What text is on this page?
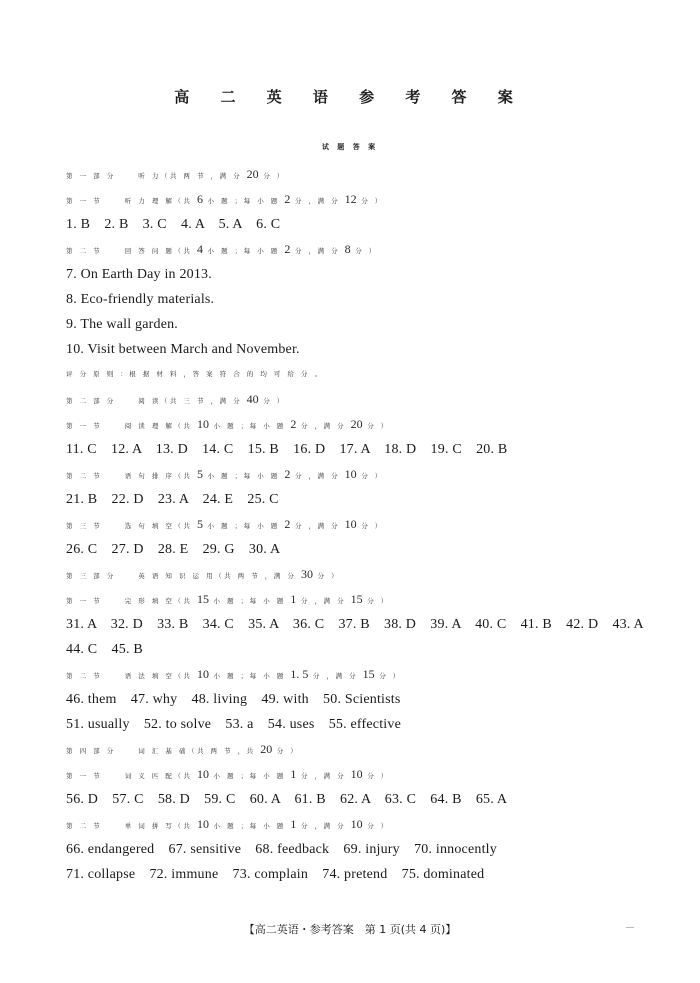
高 二 英 语 参 考 答 案
试 题 答 案
第 一 部 分　　 听 力（共 两 节 ，满 分 20 分 ）
第 一 节　　 听 力 理 解（共 6 小 题 ；每 小 题 2 分 ，满 分 12 分 ）
1. B　2. B　3. C　4. A　5. A　6. C
第 二 节　　 回 答 问 题（共 4 小 题 ；每 小 题 2 分 ，满 分 8 分 ）
7. On Earth Day in 2013.
8. Eco-friendly materials.
9. The wall garden.
10. Visit between March and November.
评 分 原 则 ：根 据 材 料 ，答 案 符 合 的 均 可 给 分 。
第 二 部 分　　 阅 读（共 三 节 ，满 分 40 分 ）
第 一 节　　 阅 读 理 解（共 10 小 题 ；每 小 题 2 分 ，满 分 20 分 ）
11. C　12. A　13. D　14. C　15. B　16. D　17. A　18. D　19. C　20. B
第 二 节　　 语 句 排 序（共 5 小 题 ；每 小 题 2 分 ，满 分 10 分 ）
21. B　22. D　23. A　24. E　25. C
第 三 节　　 选 句 填 空（共 5 小 题 ；每 小 题 2 分 ，满 分 10 分 ）
26. C　27. D　28. E　29. G　30. A
第 三 部 分　　 英 语 知 识 运 用（共 两 节 ，满 分 30 分 ）
第 一 节　　 完 形 填 空（共 15 小 题 ；每 小 题 1 分 ，满 分 15 分 ）
31. A　32. D　33. B　34. C　35. A　36. C　37. B　38. D　39. A　40. C　41. B　42. D　43. A
44. C　45. B
第 二 节　　 语 法 填 空（共 10 小 题 ；每 小 题 1. 5 分 ，满 分 15 分 ）
46. them　47. why　48. living　49. with　50. Scientists
51. usually　52. to solve　53. a　54. uses　55. effective
第 四 部 分　　 词 汇 基 础（共 两 节 ，共 20 分 ）
第 一 节　　 词 义 匹 配（共 10 小 题 ；每 小 题 1 分 ，满 分 10 分 ）
56. D　57. C　58. D　59. C　60. A　61. B　62. A　63. C　64. B　65. A
第 二 节　　 单 词 拼 写（共 10 小 题 ；每 小 题 1 分 ，满 分 10 分 ）
66. endangered　67. sensitive　68. feedback　69. injury　70. innocently
71. collapse　72. immune　73. complain　74. pretend　75. dominated
【高二英语・参考答案　第 1 页(共 4 页)】
